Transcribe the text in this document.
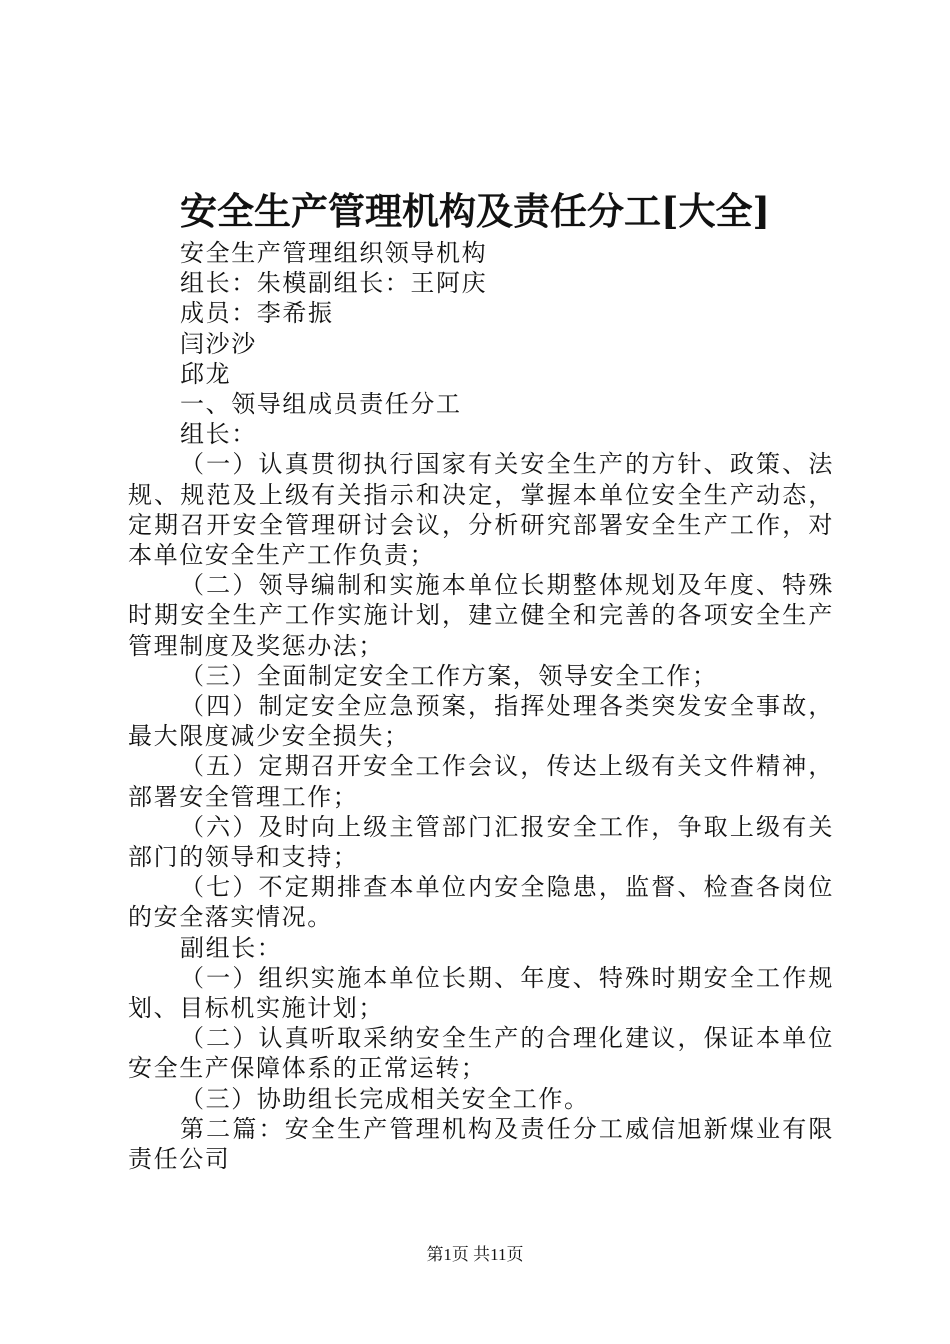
安全生产管理机构及责任分工[大全]

安全生产管理组织领导机构

组长：朱模副组长：王阿庆

成员：李希振

闫沙沙

邱龙

一、领导组成员责任分工

组长：

（一）认真贯彻执行国家有关安全生产的方针、政策、法规、规范及上级有关指示和决定，掌握本单位安全生产动态，定期召开安全管理研讨会议，分析研究部署安全生产工作，对本单位安全生产工作负责；

（二）领导编制和实施本单位长期整体规划及年度、特殊时期安全生产工作实施计划，建立健全和完善的各项安全生产管理制度及奖惩办法；

（三）全面制定安全工作方案，领导安全工作；

（四）制定安全应急预案，指挥处理各类突发安全事故，最大限度减少安全损失；

（五）定期召开安全工作会议，传达上级有关文件精神，部署安全管理工作；

（六）及时向上级主管部门汇报安全工作，争取上级有关部门的领导和支持；

（七）不定期排查本单位内安全隐患，监督、检查各岗位的安全落实情况。

副组长：

（一）组织实施本单位长期、年度、特殊时期安全工作规划、目标机实施计划；

（二）认真听取采纳安全生产的合理化建议，保证本单位安全生产保障体系的正常运转；

（三）协助组长完成相关安全工作。

第二篇：安全生产管理机构及责任分工威信旭新煤业有限责任公司

第1页 共11页
